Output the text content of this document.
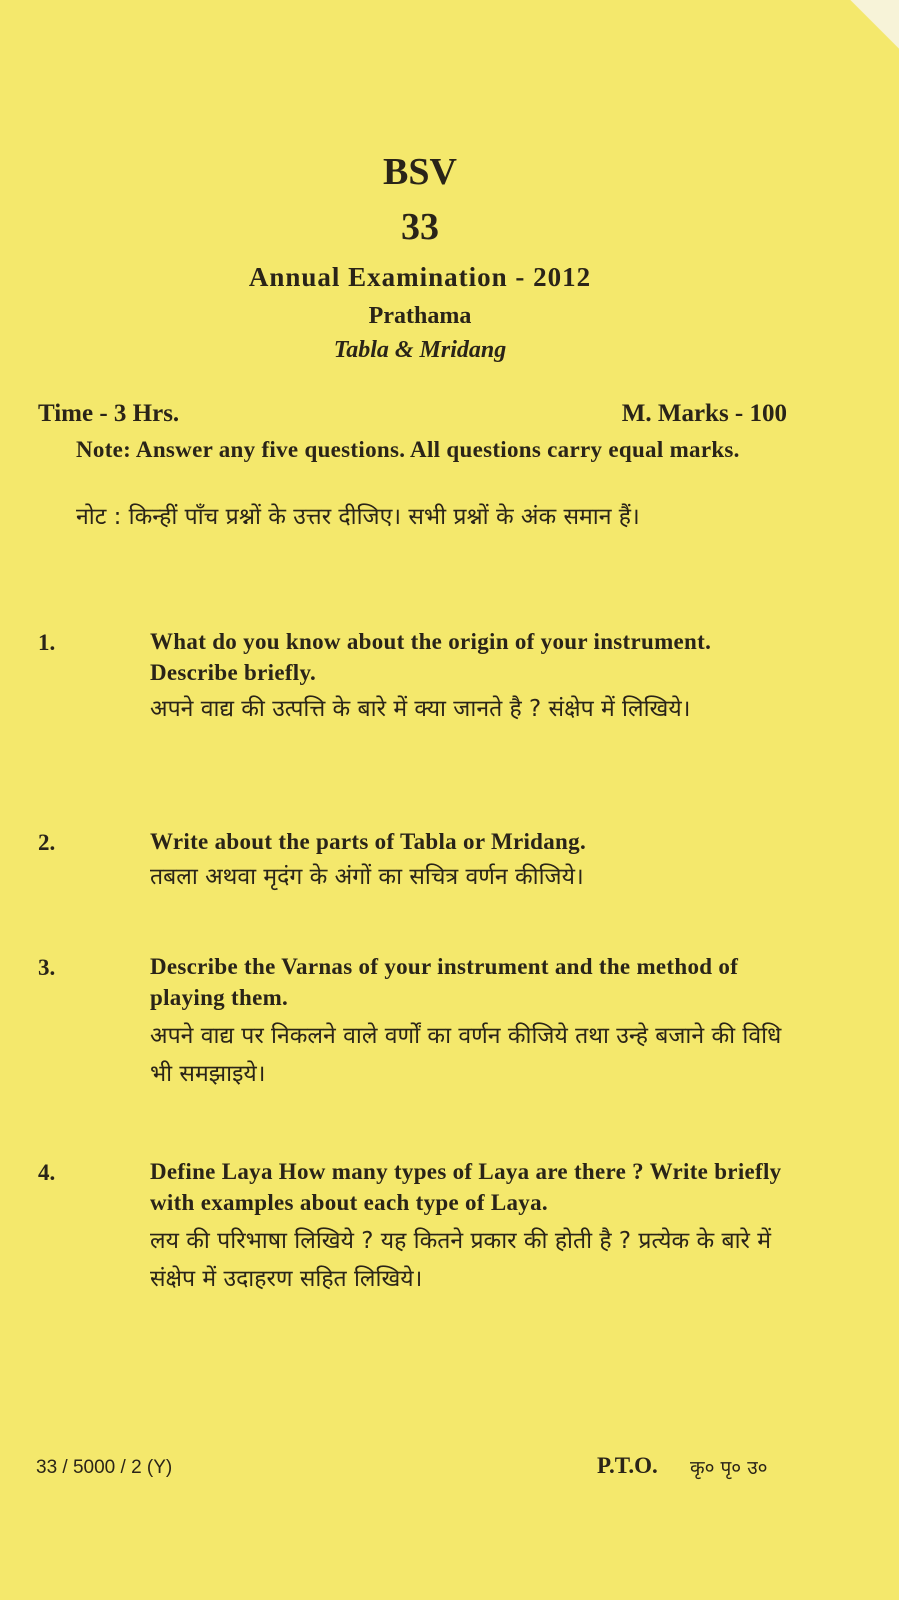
BSV
33
Annual Examination - 2012
Prathama
Tabla & Mridang
Time - 3 Hrs.	M. Marks - 100
Note: Answer any five questions. All questions carry equal marks.
नोट : किन्हीं पाँच प्रश्नों के उत्तर दीजिए। सभी प्रश्नों के अंक समान हैं।
1.	What do you know about the origin of your instrument. Describe briefly.
अपने वाद्य की उत्पत्ति के बारे में क्या जानते है ? संक्षेप में लिखिये।
2.	Write about the parts of Tabla or Mridang.
तबला अथवा मृदंग के अंगों का सचित्र वर्णन कीजिये।
3.	Describe the Varnas of your instrument and the method of playing them.
अपने वाद्य पर निकलने वाले वर्णों का वर्णन कीजिये तथा उन्हे बजाने की विधि भी समझाइये।
4.	Define Laya How many types of Laya are there ? Write briefly with examples about each type of Laya.
लय की परिभाषा लिखिये ? यह कितने प्रकार की होती है ? प्रत्येक के बारे में संक्षेप में उदाहरण सहित लिखिये।
33 / 5000 / 2 (Y)	P.T.O. कृ० पृ० उ०
